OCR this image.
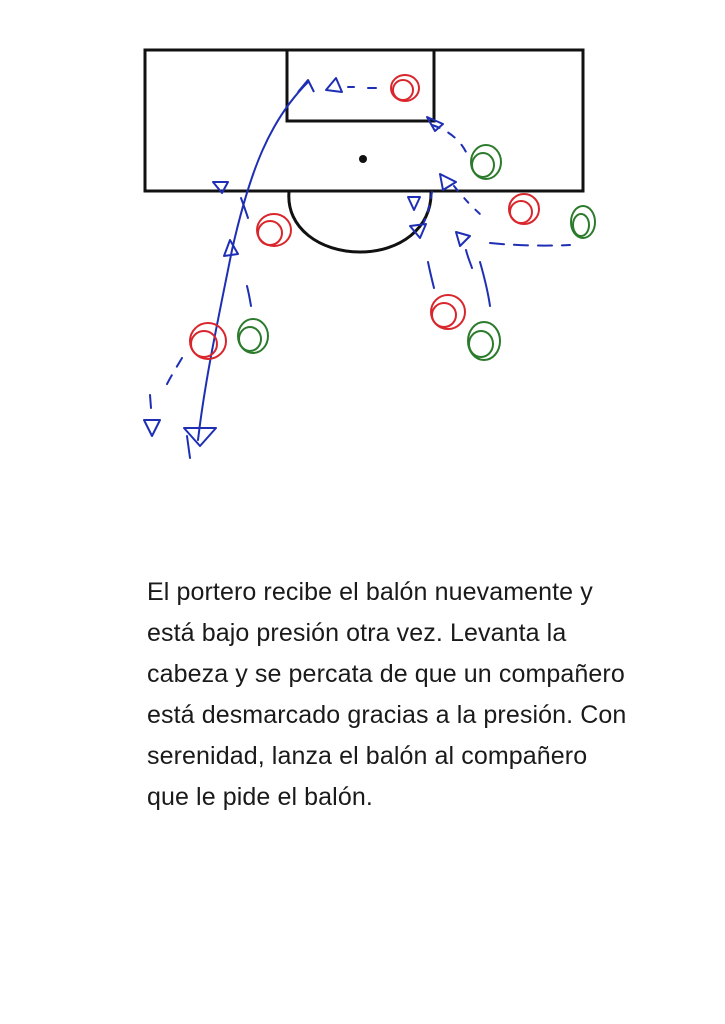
El portero recibe el balón nuevamente y está bajo presión otra vez. Levanta la cabeza y se percata de que un compañero está desmarcado gracias a la presión. Con serenidad, lanza el balón al compañero que le pide el balón.
